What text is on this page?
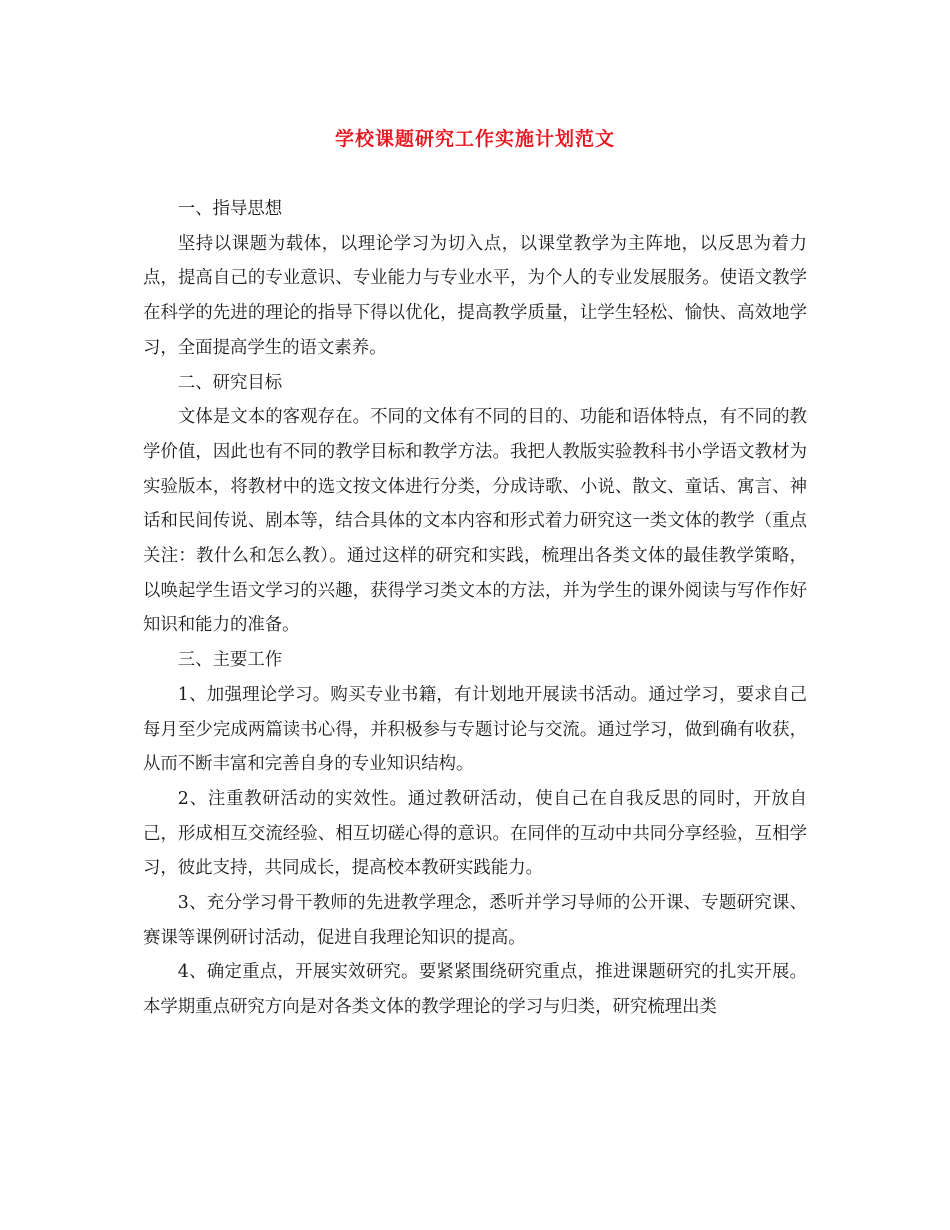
学校课题研究工作实施计划范文

一、指导思想

坚持以课题为载体，以理论学习为切入点，以课堂教学为主阵地，以反思为着力点，提高自己的专业意识、专业能力与专业水平，为个人的专业发展服务。使语文教学在科学的先进的理论的指导下得以优化，提高教学质量，让学生轻松、愉快、高效地学习，全面提高学生的语文素养。

二、研究目标

文体是文本的客观存在。不同的文体有不同的目的、功能和语体特点，有不同的教学价值，因此也有不同的教学目标和教学方法。我把人教版实验教科书小学语文教材为实验版本，将教材中的选文按文体进行分类，分成诗歌、小说、散文、童话、寓言、神话和民间传说、剧本等，结合具体的文本内容和形式着力研究这一类文体的教学（重点关注：教什么和怎么教）。通过这样的研究和实践，梳理出各类文体的最佳教学策略，以唤起学生语文学习的兴趣，获得学习类文本的方法，并为学生的课外阅读与写作作好知识和能力的准备。

三、主要工作

1、加强理论学习。购买专业书籍，有计划地开展读书活动。通过学习，要求自己每月至少完成两篇读书心得，并积极参与专题讨论与交流。通过学习，做到确有收获，从而不断丰富和完善自身的专业知识结构。

2、注重教研活动的实效性。通过教研活动，使自己在自我反思的同时，开放自己，形成相互交流经验、相互切磋心得的意识。在同伴的互动中共同分享经验，互相学习，彼此支持，共同成长，提高校本教研实践能力。

3、充分学习骨干教师的先进教学理念，悉听并学习导师的公开课、专题研究课、赛课等课例研讨活动，促进自我理论知识的提高。

4、确定重点，开展实效研究。要紧紧围绕研究重点，推进课题研究的扎实开展。本学期重点研究方向是对各类文体的教学理论的学习与归类，研究梳理出类
